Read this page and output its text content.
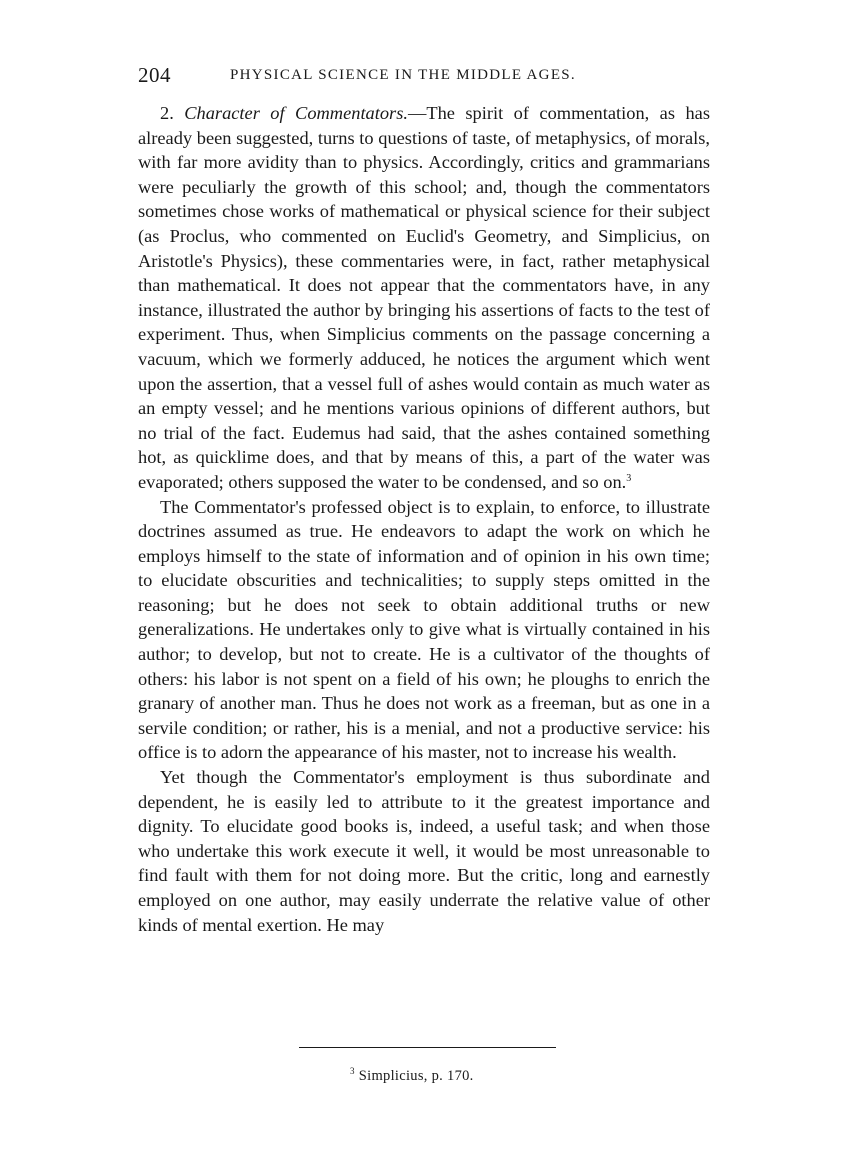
204	PHYSICAL SCIENCE IN THE MIDDLE AGES.

2. Character of Commentators.—The spirit of commentation, as has already been suggested, turns to questions of taste, of metaphysics, of morals, with far more avidity than to physics. Accordingly, critics and grammarians were peculiarly the growth of this school; and, though the commentators sometimes chose works of mathematical or physical science for their subject (as Proclus, who commented on Euclid's Geometry, and Simplicius, on Aristotle's Physics), these commentaries were, in fact, rather metaphysical than mathematical. It does not appear that the commentators have, in any instance, illustrated the author by bringing his assertions of facts to the test of experiment. Thus, when Simplicius comments on the passage concerning a vacuum, which we formerly adduced, he notices the argument which went upon the assertion, that a vessel full of ashes would contain as much water as an empty vessel; and he mentions various opinions of different authors, but no trial of the fact. Eudemus had said, that the ashes contained something hot, as quicklime does, and that by means of this, a part of the water was evaporated; others supposed the water to be condensed, and so on.$^3$

The Commentator's professed object is to explain, to enforce, to illustrate doctrines assumed as true. He endeavors to adapt the work on which he employs himself to the state of information and of opinion in his own time; to elucidate obscurities and technicalities; to supply steps omitted in the reasoning; but he does not seek to obtain additional truths or new generalizations. He undertakes only to give what is virtually contained in his author; to develop, but not to create. He is a cultivator of the thoughts of others: his labor is not spent on a field of his own; he ploughs to enrich the granary of another man. Thus he does not work as a freeman, but as one in a servile condition; or rather, his is a menial, and not a productive service: his office is to adorn the appearance of his master, not to increase his wealth.

Yet though the Commentator's employment is thus subordinate and dependent, he is easily led to attribute to it the greatest importance and dignity. To elucidate good books is, indeed, a useful task; and when those who undertake this work execute it well, it would be most unreasonable to find fault with them for not doing more. But the critic, long and earnestly employed on one author, may easily underrate the relative value of other kinds of mental exertion. He may

$^3$ Simplicius, p. 170.
